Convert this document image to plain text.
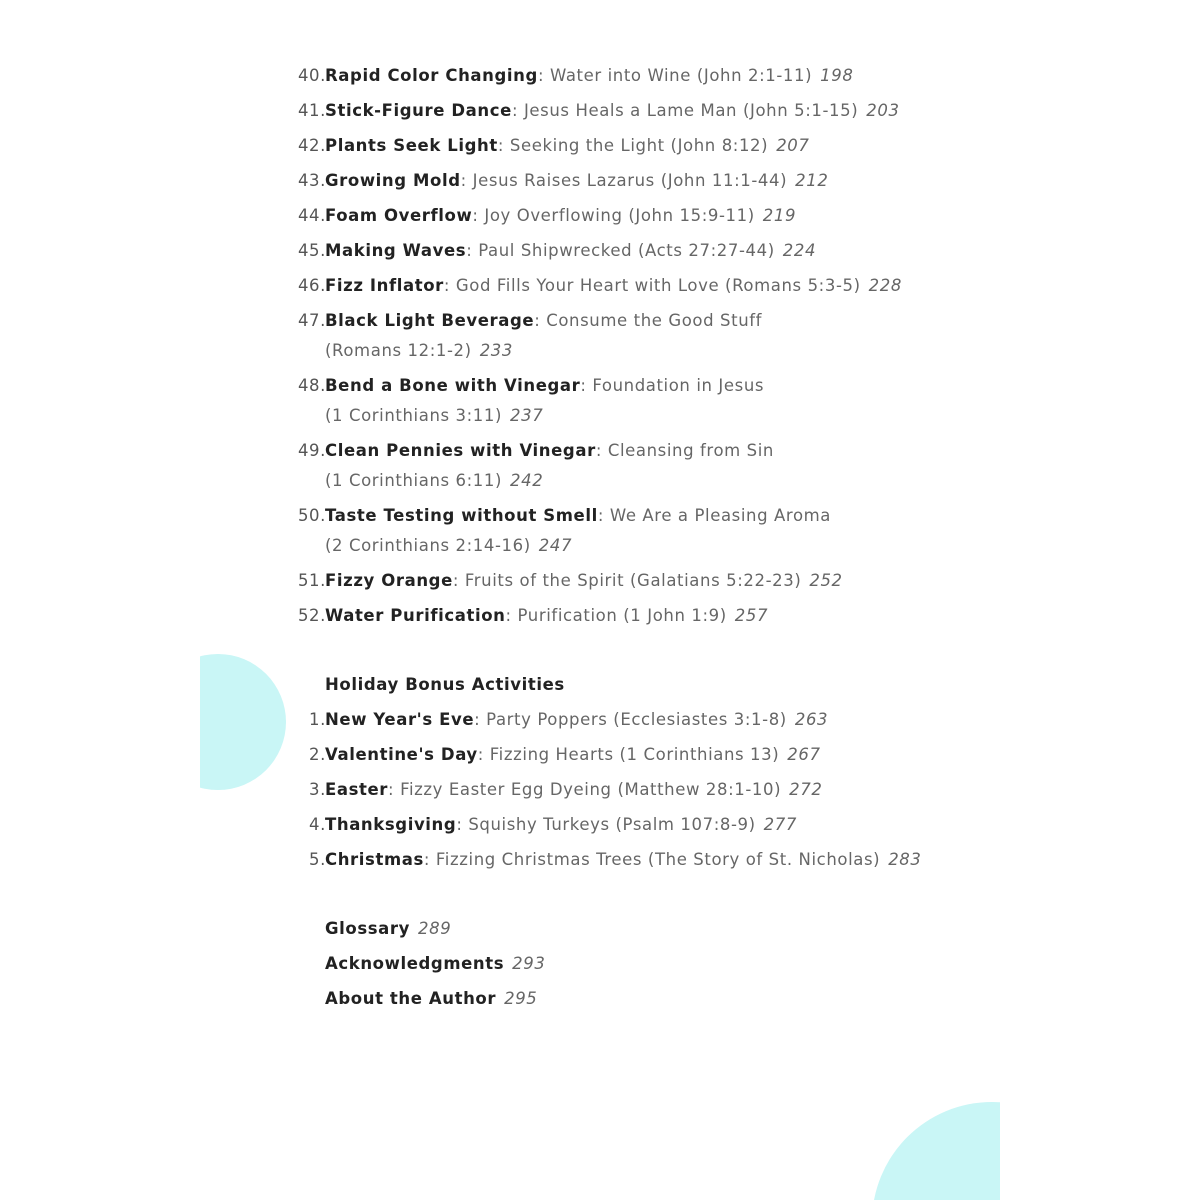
40. Rapid Color Changing: Water into Wine (John 2:1-11) 198
41. Stick-Figure Dance: Jesus Heals a Lame Man (John 5:1-15) 203
42. Plants Seek Light: Seeking the Light (John 8:12) 207
43. Growing Mold: Jesus Raises Lazarus (John 11:1-44) 212
44. Foam Overflow: Joy Overflowing (John 15:9-11) 219
45. Making Waves: Paul Shipwrecked (Acts 27:27-44) 224
46. Fizz Inflator: God Fills Your Heart with Love (Romans 5:3-5) 228
47. Black Light Beverage: Consume the Good Stuff
(Romans 12:1-2) 233
48. Bend a Bone with Vinegar: Foundation in Jesus
(1 Corinthians 3:11) 237
49. Clean Pennies with Vinegar: Cleansing from Sin
(1 Corinthians 6:11) 242
50. Taste Testing without Smell: We Are a Pleasing Aroma
(2 Corinthians 2:14-16) 247
51. Fizzy Orange: Fruits of the Spirit (Galatians 5:22-23) 252
52. Water Purification: Purification (1 John 1:9) 257
Holiday Bonus Activities
1. New Year's Eve: Party Poppers (Ecclesiastes 3:1-8) 263
2. Valentine's Day: Fizzing Hearts (1 Corinthians 13) 267
3. Easter: Fizzy Easter Egg Dyeing (Matthew 28:1-10) 272
4. Thanksgiving: Squishy Turkeys (Psalm 107:8-9) 277
5. Christmas: Fizzing Christmas Trees (The Story of St. Nicholas) 283
Glossary 289
Acknowledgments 293
About the Author 295
